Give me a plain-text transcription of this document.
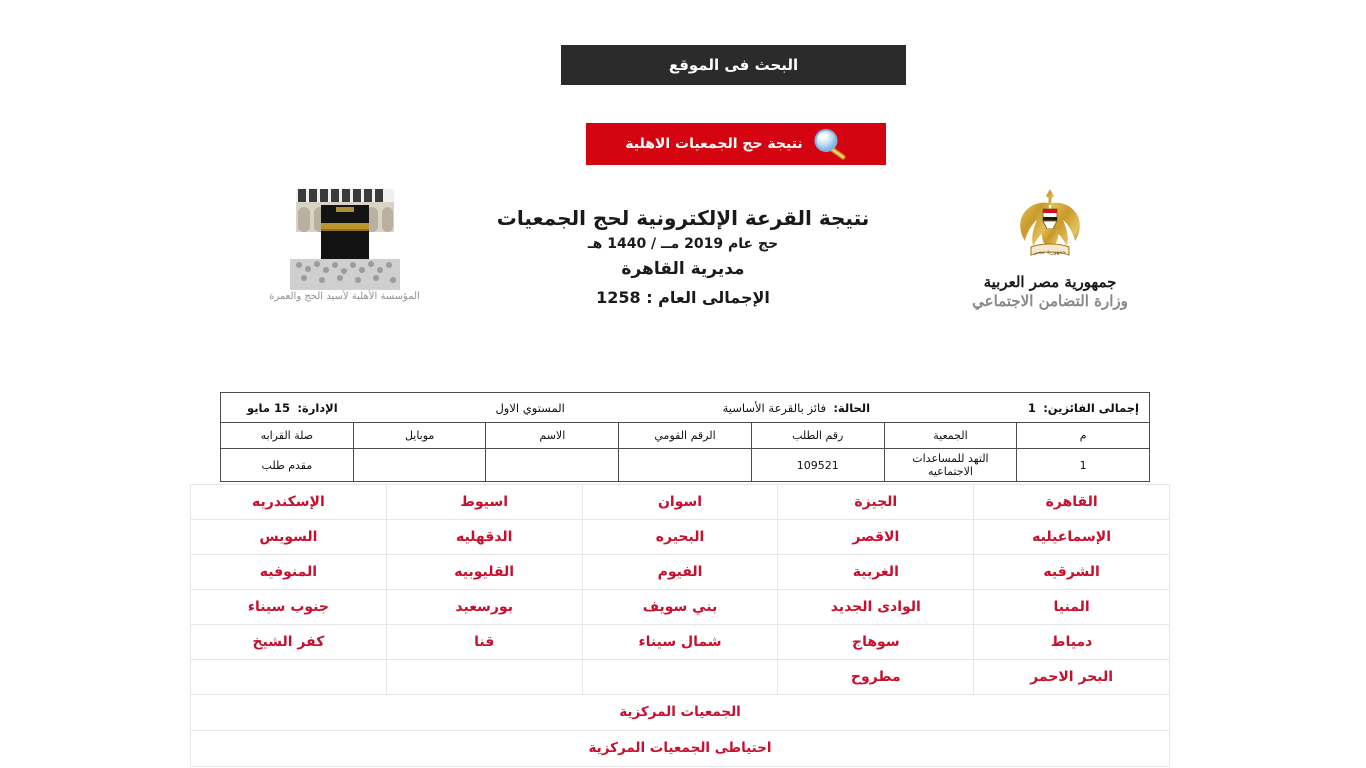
البحث فى الموقع
نتيجة حج الجمعيات الاهلية
جمهورية مصر
جمهورية مصر العربية
وزارة التضامن الاجتماعي
نتيجة القرعة الإلكترونية لحج الجمعيات
حج عام 2019 مــ / 1440 هـ
مديرية القاهرة
الإجمالى العام : 1258
المؤسسة الأهلية لأسيد الحج والعمرة
إجمالى الفائزين:  1
الحالة:  فائز بالقرعة الأساسية
المستوي الاول
الإدارة:  15 مايو						

م	الجمعية	رقم الطلب	الرقم القومي	الاسم	موبايل	صلة القرابه
1	التهد للمساعدات الاجتماعيه	109521				مقدم طلب
القاهرة	الجيزة	اسوان	اسيوط	الإسكندريه

الإسماعيليه	الاقصر	البحيره	الدقهليه	السويس

الشرقيه	الغربية	الفيوم	القليوبيه	المنوفيه

المنيا	الوادى الجديد	بني سويف	بورسعيد	جنوب سيناء

دمياط	سوهاج	شمال سيناء	قنا	كفر الشيخ

البحر الاحمر	مطروح			

الجمعيات المركزية				

احتياطى الجمعيات المركزية				
